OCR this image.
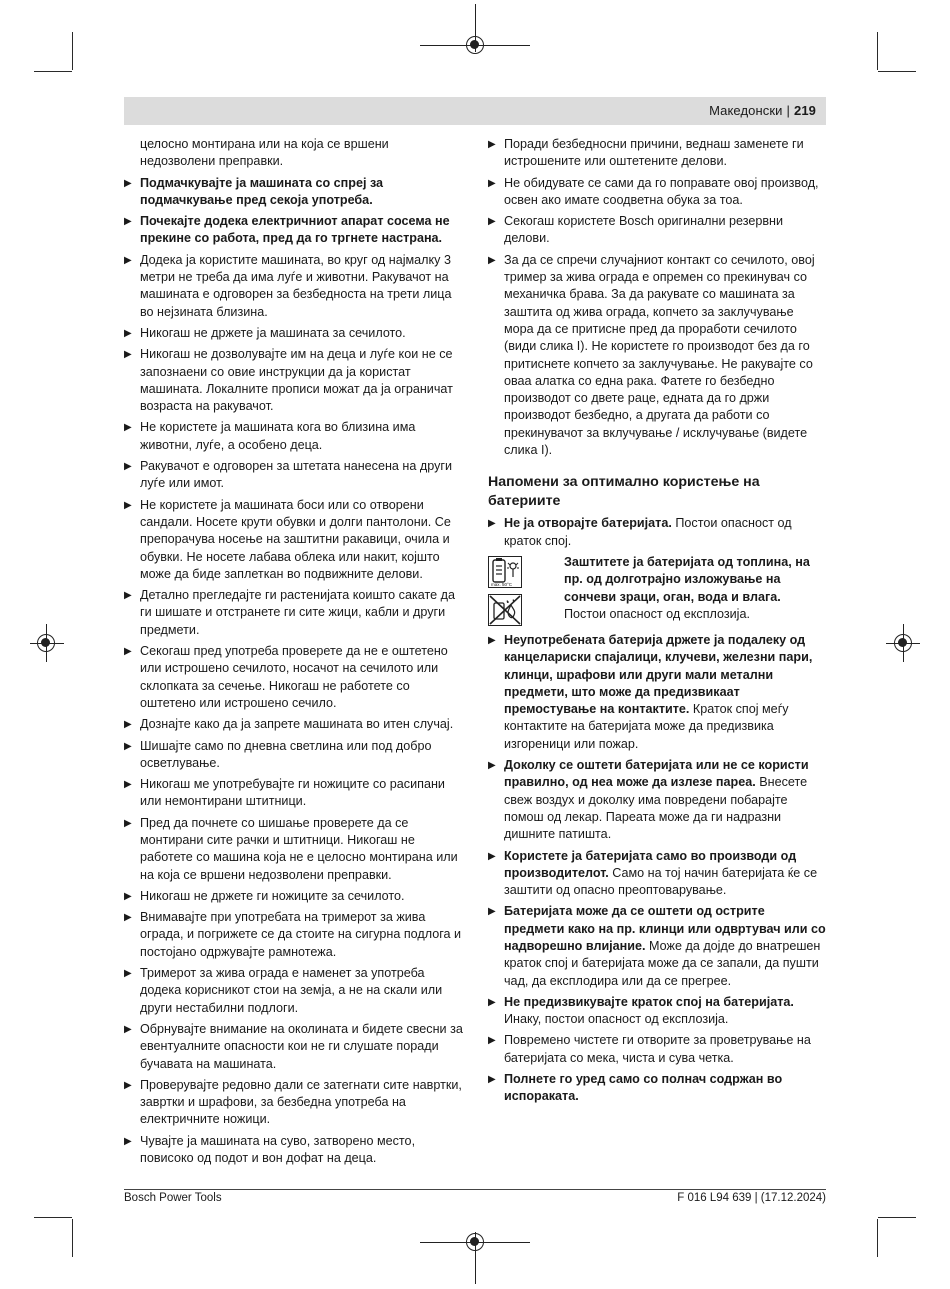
Македонски | 219
целосно монтирана или на која се вршени недозволени преправки.
▶ Подмачкувајте ја машината со спреј за подмачкување пред секоја употреба.
▶ Почекајте додека електричниот апарат сосема не прекине со работа, пред да го тргнете настрана.
▶ Додека ја користите машината, во круг од најмалку 3 метри не треба да има луѓе и животни. Ракувачот на машината е одговорен за безбедноста на трети лица во нејзината близина.
▶ Никогаш не држете ја машината за сечилото.
▶ Никогаш не дозволувајте им на деца и луѓе кои не се запознаени со овие инструкции да ја користат машината. Локалните прописи можат да ја ограничат возраста на ракувачот.
▶ Не користете ја машината кога во близина има животни, луѓе, а особено деца.
▶ Ракувачот е одговорен за штетата нанесена на други луѓе или имот.
▶ Не користете ја машината боси или со отворени сандали. Носете крути обувки и долги пантолони. Се препорачува носење на заштитни ракавици, очила и обувки. Не носете лабава облека или накит, којшто може да биде заплеткан во подвижните делови.
▶ Детално прегледајте ги растенијата коишто сакате да ги шишате и отстранете ги сите жици, кабли и други предмети.
▶ Секогаш пред употреба проверете да не е оштетено или истрошено сечилото, носачот на сечилото или склопката за сечење. Никогаш не работете со оштетено или истрошено сечило.
▶ Дознајте како да ја запрете машината во итен случај.
▶ Шишајте само по дневна светлина или под добро осветлување.
▶ Никогаш ме употребувајте ги ножиците со расипани или немонтирани штитници.
▶ Пред да почнете со шишање проверете да се монтирани сите рачки и штитници. Никогаш не работете со машина која не е целосно монтирана или на која се вршени недозволени преправки.
▶ Никогаш не држете ги ножиците за сечилото.
▶ Внимавајте при употребата на тримерот за жива ограда, и погрижете се да стоите на сигурна подлога и постојано одржувајте рамнотежа.
▶ Тримерот за жива ограда е наменет за употреба додека корисникот стои на земја, а не на скали или други нестабилни подлоги.
▶ Обрнувајте внимание на околината и бидете свесни за евентуалните опасности кои не ги слушате поради бучавата на машината.
▶ Проверувајте редовно дали се затегнати сите навртки, завртки и шрафови, за безбедна употреба на електричните ножици.
▶ Чувајте ја машината на суво, затворено место, повисоко од подот и вон дофат на деца.
▶ Поради безбедносни причини, веднаш заменете ги истрошените или оштетените делови.
▶ Не обидувате се сами да го поправате овој производ, освен ако имате соодветна обука за тоа.
▶ Секогаш користете Bosch оригинални резервни делови.
▶ За да се спречи случајниот контакт со сечилото, овој тример за жива ограда е опремен со прекинувач со механичка брава. За да ракувате со машината за заштита од жива ограда, копчето за заклучување мора да се притисне пред да проработи сечилото (види слика I). Не користете го производот без да го притиснете копчето за заклучување. Не ракувајте со оваа алатка со една рака. Фатете го безбедно производот со двете раце, едната да го држи производот безбедно, а другата да работи со прекинувачот за вклучување / исклучување (видете слика I).
Напомени за оптимално користење на батериите
▶ Не ја отворајте батеријата. Постои опасност од краток спој.
max. 50°C
Заштитете ја батеријата од топлина, на пр. од долготрајно изложување на сончеви зраци, оган, вода и влага. Постои опасност од експлозија.
▶ Неупотребената батерија држете ја подалеку од канцелариски спајалици, клучеви, железни пари, клинци, шрафови или други мали метални предмети, што може да предизвикаат премостување на контактите. Краток спој меѓу контактите на батеријата може да предизвика изгореници или пожар.
▶ Доколку се оштети батеријата или не се користи правилно, од неа може да излезе пареа. Внесете свеж воздух и доколку има повредени побарајте помош од лекар. Пареата може да ги надразни дишните патишта.
▶ Користете ја батеријата само во производи од производителот. Само на тој начин батеријата ќе се заштити од опасно преоптоварување.
▶ Батеријата може да се оштети од острите предмети како на пр. клинци или одвртувач или со надворешно влијание. Може да дојде до внатрешен краток спој и батеријата може да се запали, да пушти чад, да експлодира или да се прегрее.
▶ Не предизвикувајте краток спој на батеријата. Инаку, постои опасност од експлозија.
▶ Повремено чистете ги отворите за проветрување на батеријата со мека, чиста и сува четка.
▶ Полнете го уред само со полнач содржан во испораката.
Bosch Power Tools	F 016 L94 639 | (17.12.2024)
